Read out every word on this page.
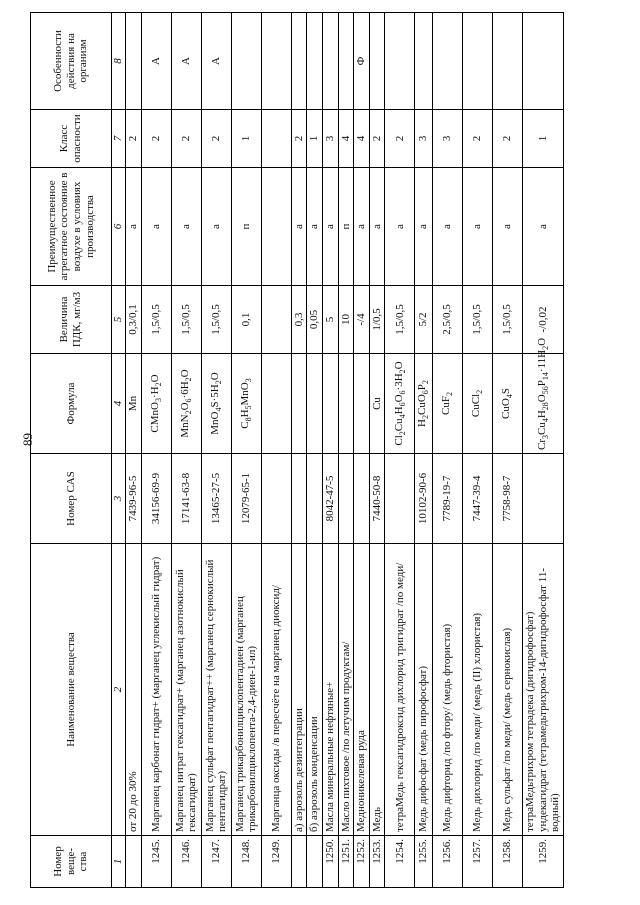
89
Номер веще-ства	Наименование вещества	Номер CAS	Формула	Величина ПДК, мг/м3	Преимущественное агрегатное состояние в воздухе в условиях производства	Класс опасности	Особенности действия на организм
1	2	3	4	5	6	7	8
	от 20 до 30%	7439-96-5	Mn	0,3/0,1	а	2	
1245.	Марганец карбонат гидрат+ (марганец углекислый гидрат)	34156-69-9	$CMnO_3\cdot H_2O$	1,5/0,5	а	2	А
1246.	Марганец нитрат гексагидрат+ (марганец азотнокислый гексагидрат)	17141-63-8	$MnN_2O_6\cdot 6H_2O$	1,5/0,5	а	2	А
1247.	Марганец сульфат пентагидрат++ (марганец сернокислый пентагидрат)	13465-27-5	$MnO_4S\cdot 5H_2O$	1,5/0,5	а	2	А
1248.	Марганец трикарбонилциклопентадиен (марганец трикарбонилциклопента-2,4-диен-1-ил)	12079-65-1	$C_8H_5MnO_3$	0,1	п	1	
1249.	Марганца оксиды /в пересчёте на марганец диоксид/						
	а) аэрозоль дезинтеграции			0,3	а	2	
	б) аэрозоль конденсации			0,05	а	1	
1250.	Масла минеральные нефтяные+	8042-47-5		5	а	3	
1251.	Масло пихтовое /по летучим продуктам/			10	п	4	
1252.	Медноникелевая руда			-/4	а	4	Ф
1253.	Медь	7440-50-8	Cu	1/0,5	а	2	
1254.	тетраМедь гексагидроксид дихлорид тригидрат /по меди/		$Cl_2Cu_4H_6O_6\cdot 3H_2O$	1,5/0,5	а	2	
1255.	Медь дифосфат (медь пирофосфат)	10102-90-6	$H_2CuO_6P_2$	5/2	а	3	
1256.	Медь дифторид /по фтору/ (медь фтористая)	7789-19-7	CuF$_2$	2,5/0,5	а	3	
1257.	Медь дихлорид /по меди/ (медь (II) хлористая)	7447-39-4	CuCl$_2$	1,5/0,5	а	2	
1258.	Медь сульфат /по меди/ (медь сернокислая)	7758-98-7	CuO$_4$S	1,5/0,5	а	2	
1259.	тетраМедьтрихром тетрадека (дигидрофосфат) ундекагидрат (тетрамедьтрихром-14-дигидрофосфат 11-водный)		$Cr_3Cu_4H_{28}O_{56}P_{14}\cdot 11H_2O$	-/0,02	а	1	
